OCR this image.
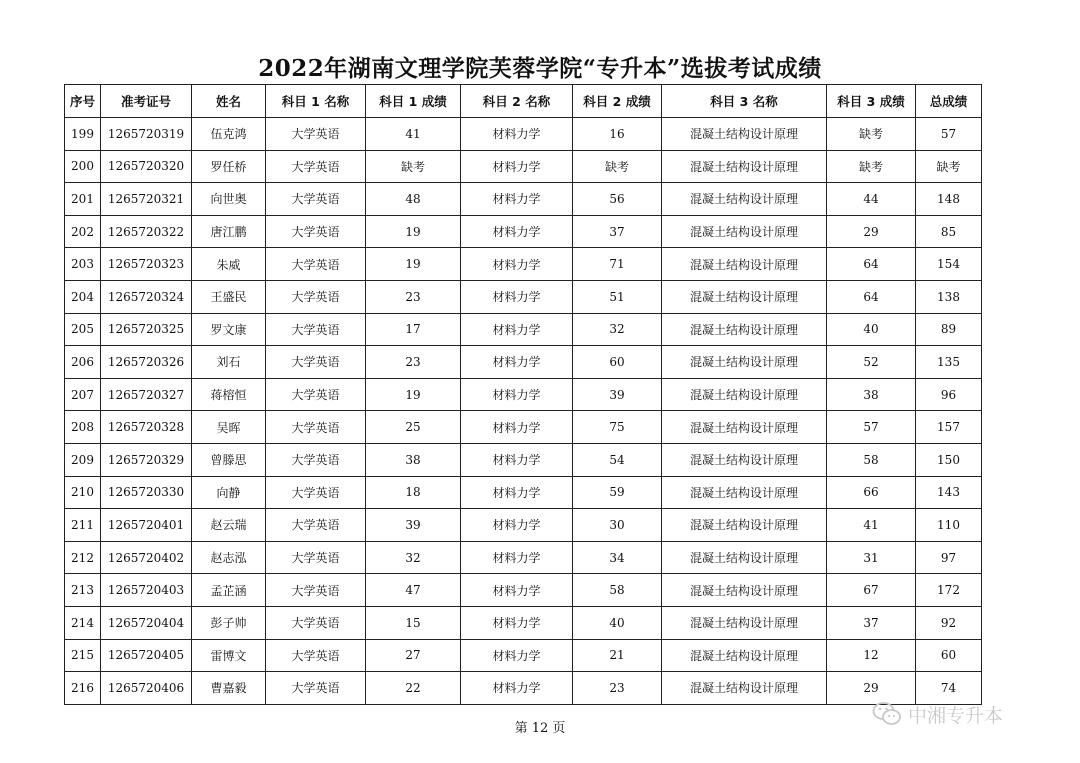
2022年湖南文理学院芙蓉学院“专升本”选拔考试成绩
序号	准考证号	姓名	科目 1 名称	科目 1 成绩	科目 2 名称	科目 2 成绩	科目 3 名称	科目 3 成绩	总成绩
199	1265720319	伍克鸿	大学英语	41	材料力学	16	混凝土结构设计原理	缺考	57
200	1265720320	罗任桥	大学英语	缺考	材料力学	缺考	混凝土结构设计原理	缺考	缺考
201	1265720321	向世奥	大学英语	48	材料力学	56	混凝土结构设计原理	44	148
202	1265720322	唐江鹏	大学英语	19	材料力学	37	混凝土结构设计原理	29	85
203	1265720323	朱威	大学英语	19	材料力学	71	混凝土结构设计原理	64	154
204	1265720324	王盛民	大学英语	23	材料力学	51	混凝土结构设计原理	64	138
205	1265720325	罗文康	大学英语	17	材料力学	32	混凝土结构设计原理	40	89
206	1265720326	刘石	大学英语	23	材料力学	60	混凝土结构设计原理	52	135
207	1265720327	蒋榕恒	大学英语	19	材料力学	39	混凝土结构设计原理	38	96
208	1265720328	吴晖	大学英语	25	材料力学	75	混凝土结构设计原理	57	157
209	1265720329	曾滕思	大学英语	38	材料力学	54	混凝土结构设计原理	58	150
210	1265720330	向静	大学英语	18	材料力学	59	混凝土结构设计原理	66	143
211	1265720401	赵云瑞	大学英语	39	材料力学	30	混凝土结构设计原理	41	110
212	1265720402	赵志泓	大学英语	32	材料力学	34	混凝土结构设计原理	31	97
213	1265720403	孟芷涵	大学英语	47	材料力学	58	混凝土结构设计原理	67	172
214	1265720404	彭子帅	大学英语	15	材料力学	40	混凝土结构设计原理	37	92
215	1265720405	雷博文	大学英语	27	材料力学	21	混凝土结构设计原理	12	60
216	1265720406	曹嘉毅	大学英语	22	材料力学	23	混凝土结构设计原理	29	74
第 12 页
中湘专升本
